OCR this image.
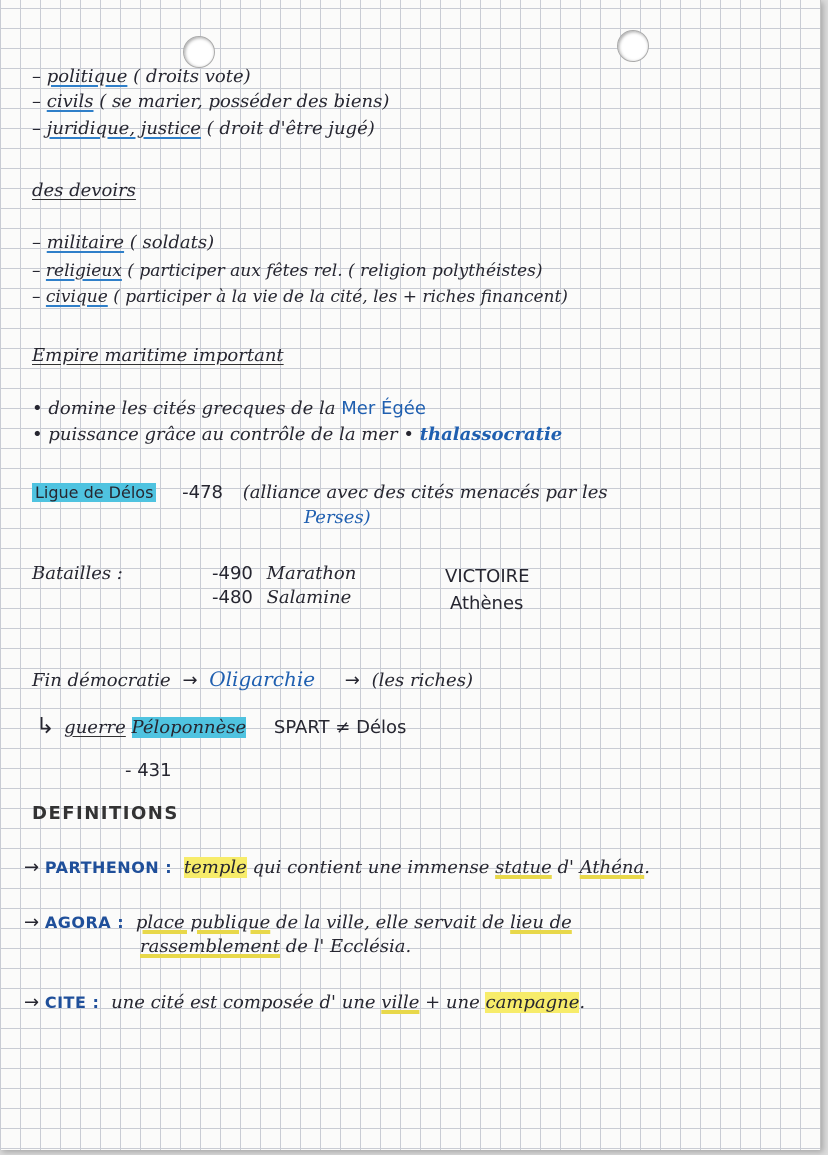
– politique ( droits vote)
– civils ( se marier, posséder des biens)
– juridique, justice ( droit d'être jugé)
des devoirs
– militaire ( soldats)
– religieux ( participer aux fêtes rel. ( religion polythéistes)
– civique ( participer à la vie de la cité, les + riches financent)
Empire maritime important
• domine les cités grecques de la Mer Égée
• puissance grâce au contrôle de la mer • thalassocratie
Ligue de Délos -478 (alliance avec des cités menacés par les
Perses)
Batailles :	-490 Marathon
-480 Salamine
VICTOIRE
Athènes
Fin démocratie → Oligarchie → (les riches)
↳ guerre Péloponnèse SPART ≠ Délos
- 431
DEFINITIONS
→ PARTHENON : temple qui contient une immense statue d' Athéna.
→ AGORA : place publique de la ville, elle servait de lieu de
rassemblement de l' Ecclésia.
→ CITE : une cité est composée d' une ville + une campagne.
